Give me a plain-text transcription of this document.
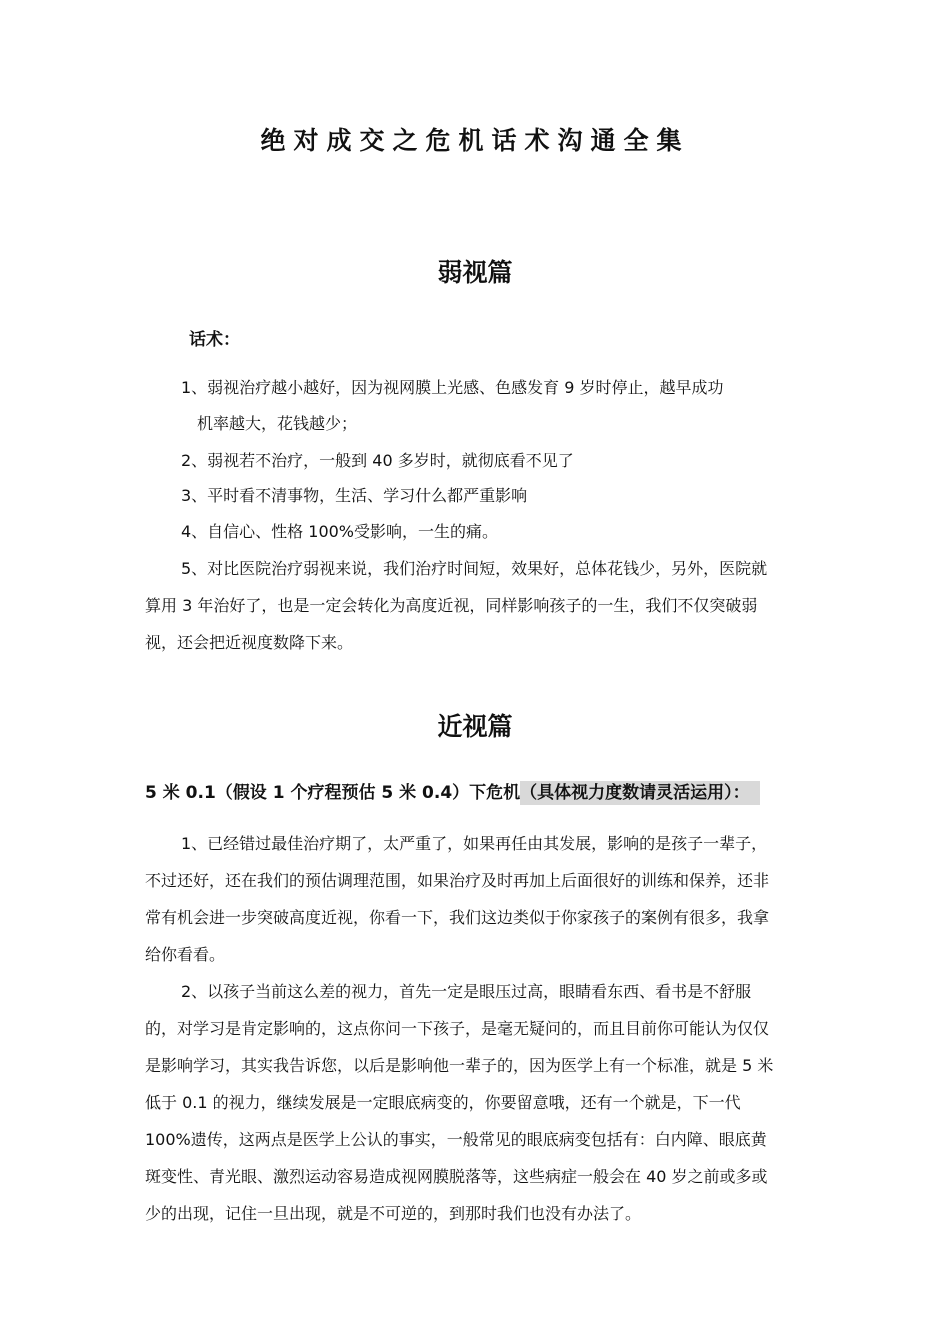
绝对成交之危机话术沟通全集
弱视篇
话术：
1、弱视治疗越小越好，因为视网膜上光感、色感发育 9 岁时停止，越早成功
机率越大，花钱越少；
2、弱视若不治疗，一般到 40 多岁时，就彻底看不见了
3、平时看不清事物，生活、学习什么都严重影响
4、自信心、性格 100%受影响，一生的痛。
5、对比医院治疗弱视来说，我们治疗时间短，效果好，总体花钱少，另外，医院就
算用 3 年治好了，也是一定会转化为高度近视，同样影响孩子的一生，我们不仅突破弱
视，还会把近视度数降下来。
近视篇
5 米 0.1（假设 1 个疗程预估 5 米 0.4）下危机（具体视力度数请灵活运用）：
1、已经错过最佳治疗期了，太严重了，如果再任由其发展，影响的是孩子一辈子，
不过还好，还在我们的预估调理范围，如果治疗及时再加上后面很好的训练和保养，还非
常有机会进一步突破高度近视，你看一下，我们这边类似于你家孩子的案例有很多，我拿
给你看看。
2、以孩子当前这么差的视力，首先一定是眼压过高，眼睛看东西、看书是不舒服
的，对学习是肯定影响的，这点你问一下孩子，是毫无疑问的，而且目前你可能认为仅仅
是影响学习，其实我告诉您，以后是影响他一辈子的，因为医学上有一个标准，就是 5 米
低于 0.1 的视力，继续发展是一定眼底病变的，你要留意哦，还有一个就是，下一代
100%遗传，这两点是医学上公认的事实，一般常见的眼底病变包括有：白内障、眼底黄
斑变性、青光眼、激烈运动容易造成视网膜脱落等，这些病症一般会在 40 岁之前或多或
少的出现，记住一旦出现，就是不可逆的，到那时我们也没有办法了。
